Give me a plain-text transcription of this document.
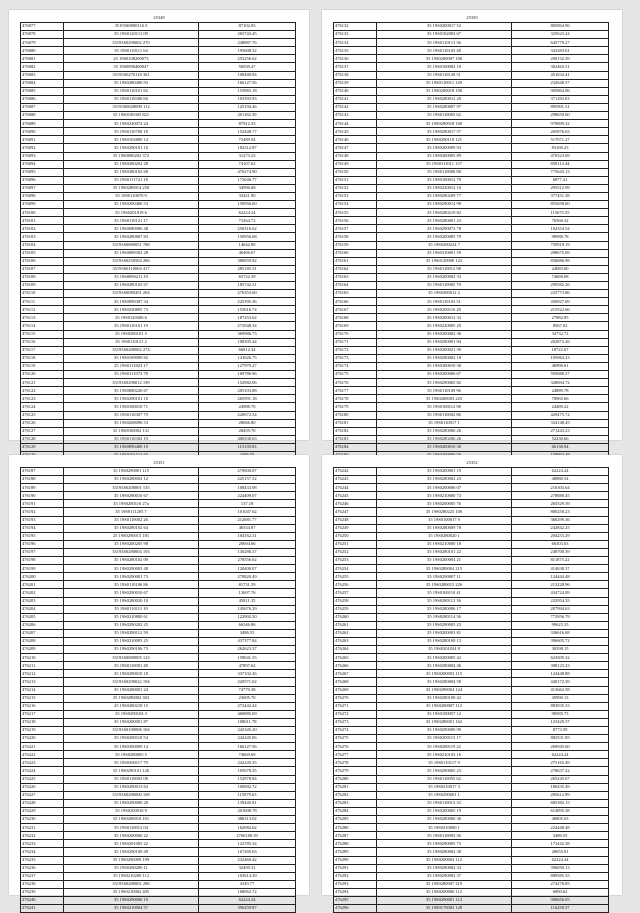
25348
476077	35193S0090116.5	87102.83
476078	35 19S0120111 09	265743.45
476079	35193S0290002 270	248887.76
476080	35 19S0110111 64	195608.32
476081	25 19S0108200073	255256.62
476082	35 19S0090400047	56939.47
476083	35195S0270118 361	108480.84
476084	35 19S0280406 93	166127.56
476085	35 19S0110101 82	153965.18
476086	35 19S0118306 66	103393.93
476087	35193S0028090 112	125194.46
476088	35 19S0100305 821	201182.39
476089	35 19S0240072 24	87912.33
476090	35 19S0110700 18	152448.77
476091	35 19S0102800 14	73489.94
476092	35 19S0290101 10	182312.87
476093	35 19S0090202 372	31273.23
476094	35 19S0280202 28	74107.62
476095	35 19S0280102 68	476274.90
476096	35 19S0111721 18	172046.77
476097	35 19S0280014 250	34996.68
476098	35 19S0110070 9	33421.90
476099	35 19S0200406 53	150956.60
476100	35 19S0201819 6	62224.24
476101	35 19S0110121 17	73264.72
476102	35 19S0080906 48	250316.62
476103	35 19S0280807 83	150956.68
476104	35193S0080051 788	14642.80
476105	35 19S0089302 28	46406.67
476106	35193S0250504 206	380059.82
476107	35193S0110004 417	285185.31
476108	35 19S0090211 19	65722.39
476109	35 19S0280102 67	185742.31
476110	35193S0080201 204	276353.60
476111	35 19S0090307 34	225395.36
476112	35 19S0230805 73	155616.74
476113	35 19S0120306 6	187253.62
476114	35 19S0110101 19	272948.34
476115	35 19S0280101 5	369986.73
476116	35 19S0110121 2	108305.44
476117	35193S0280002 274	66812.34
476118	35 19S0109090 82	141626.75
476119	25 19S0111823 17	127979.27
476120	35 19S0111073 78	169786.96
476121	35193S0290012 199	152982.06
476122	35 19S0080220 67	205103.88
476123	35 19S0290101 10	265991.18
476124	35 19S0100010 71	24988.70
476125	35 19S0110307 79	220672.54
476126	35 19S0208096 53	28066.80
476127	35 19S0100002 131	28459.70
476128	35 19S0110302 19	406338.63
476129	35 19S0090400 19	115139.83

25350
476132	35 19S0200017 52	805864.96
476133	35 19S0102003 67	325623.24
476134	35 19S0110113 36	645779.27
476135	35 19S0110103 48	343383.61
476136	35 19S0200007 100	200132.39
476137	35 19S0100002 10	302463.51
476138	35 19S0110120 51	451634.41
476139	35 19S0110011 149	232648.57
476140	35 19S0200018 100	905864.96
476141	35 19S0280012 29	371183.03
476142	35 19S0280007 97	895901.31
476143	35 19S0110005 62	298650.60
476144	35 19S0290018 100	979899.32
476145	35 19S0280017 57	265876.63
476146	35 19S0290110 121	517071.27
476147	35 19S0200009 93	83160.23
476148	35 19S0300005 89	470323.69
476149	35 19S0111011 137	858112.44
476150	35 19S0110006 88	775643.13
476151	35 19S0100012 79	6877.41
476152	35 19S0220012 10	295512.99
476153	35 19S0280209 77	377451.38
476154	35 19S0290014 98	855658.60
476155	35 19S0280219 82	115675.55
476156	35 19S0280001 23	76566.32
476157	35 19S0290073 78	102354.54
476158	35 19S0200085 79	98988.78
476159	35 19S0200224 7	759918.19
476160	35 19S0310001 59	208675.69
476161	35 19S0120000 123	836686.98
476162	35 19S0110012 98	24083.60
476163	35 19S0200002 33	74669.08
476164	35 19S0110005 70	299582.26
476165	35 19S0300012 2	225773.86
476166	35 19S0110103 51	456927.69
476167	35 19S0200110 29	215522.66
476168	35 19S0200012 33	27882.85
476169	35 19S0220005 29	8567.02
476170	35 19S0200002 36	34732.72
476171	35 19S0280001 84	202872.26
476172	35 19S0200021 39	18722.67
476173	35 19S0280002 18	105964.23
476174	35 19S0300010 30	46990.61
476175	35 19S0200006 67	595680.37
476176	35 19S0290005 82	328694.72
476177	35 19S0110109 96	24889.78
476178	35 19S0200003 225	78965.66
476179	35 19S0100112 98	24489.22
476180	35 19S0110002 86	429475.72
476181	35 19S0110017 1	334148.45
476182	35 19S0280006 26	271443.23
476183	35 19S0280206 26	52230.66
476184	35 19S0200010 30	66138.94

25351
476187	35 19S0290001 115	279000.07
476188	35 19S0280002 12	225157.52
476189	35193S0200001 135	108433.98
476190	35 19S0290010 67	224409.07
476191	35 19S0280116 27a	137.18
476192	35 19S0111205 7	101047.62
476193	35 19S0110002 26	212681.77
476194	35 19S0280102 64	46534.87
476195	25 19S0290015 181	104162.31
476196	35 19S0200205 98	20694.66
476197	35193S0280004 193	130286.37
476198	35 19S0280102 09	278556.62
476199	35 19S0290005 48	120400.07
476200	35 19S0290001 73	270820.49
476201	35 19S0110106 86	81731.59
476202	35 19S0290010 67	12697.76
476203	35 19S0280020 10	45811.35
476204	35 19S0110111 10	145676.29
476205	35 19S0210800 61	122902.50
476206	35 19S0290202 25	66346.86
476207	35 19S0280112 59	3486.55
476208	35 19S0210003 25	437377.84
476209	35 19S0290106 73	262623.37
476210	35193S0080005 123	158041.35
476211	35 19S0110001 48	47897.62
476212	35 19S0290010 18	337102.26
476213	35193S0290022 194	220571.02
476214	35 19S0280001 24	74779.38
476215	35 19S0280002 303	23695.70
476216	25 19S0280218 15	272442.44
476217	35 19S0290104 3	460885.69
476218	35 19S0200001 87	108611.78
476219	35193S0100006 104	242345.20
476220	35 19S0280110 54	242245.06
476221	35 19S0300009 14	166127.56
476222	35 19S0280005 5	74669.69
476223	35 19S0300117 79	242245.35
476224	35 19S0290101 126	105678.35
476225	35 19S0110003 08	152978.84
476226	35 19S0290013 63	100002.72
476227	35193S0280000 168	115979.63
476228	35 19S0290000 20	139445.81
476229	35 19S0200010 9	201608.78
476230	35 19S0200010 101	386313.02
476231	35 19S0110012 04	162082.62
476232	35 19S0200006 22	2766180.39
476233	35 19S0201005 22	122785.34
476234	35 19S0290100 49	167269.63
476235	35 19S0290009 199	232460.42
476236	35 19S0280200 11	32495.31
476237	35 19S0210200 112	103614.29
476238	35193S0280001 286	4349.77
476239	35 19S0210002 405	168062.72
476240	35 19S0290000 19	62224.24
476241	35 19S0210004 57	396259.87
25352
476242	35 19S0200001 19	62224.24
476243	35 19S0280002 23	48880.54
476244	35 19S0200006 07	216303.64
476245	35 19S0210000 73	278880.45
476246	35 19S0200005 76	265529.39
476247	35 19S0280225 100	800250.23
476248	35 19S0100017 9	360299.36
476249	35 19S0280009 78	242842.25
476250	35 19S0280020 1	204253.29
476251	35 19S0210000 18	66303.63
476252	35 19S0280101 22	248700.39
476253	35 19S0200004 21	811875.22
476254	35 19S0280004 215	414638.37
476255	35 19S0290007 11	124444.48
476256	35 19S0280015 226	213228.96
476257	35 19S0100110 41	434724.09
476258	35 19S0280112 36	222954.35
476259	35 19S0280006 17	207994.63
476260	35 19S0280114 36	772956.79
476261	35 19S0290005 23	99623.35
476262	35 19S0200003 81	336616.68
476263	35 19S0280100 13	396605.72
476264	35 19S0201024 8	30398.15
476265	35 19S0200005 42	624305.32
476266	35 19S0280004 46	398123.23
476267	35 19S0200003 115	124448.88
476268	35 19S0280004 58	440172.39
476269	35 19S0290004 124	413662.58
476270	35 19S0280100 42	45990.13
476271	35 19S0280007 112	883935.33
476272	35 19S0100057 12	98585.73
476273	35 19S0280001 162	123429.37
476274	35 19S0290000 99	8773.59
476275	35 19S0200115 17	882531.85
476276	35 19S0280119 22	269945.60
476277	35 19S0210103 16	62224.24
476278	35 19S0110117 9	275165.49
476279	35 19S0290005 23	276637.22
476280	35 19S0110055 62	265245.67
476281	35 19S0210017 3	186435.49
476282	35 19S0290001 1	205612.89
476283	35 19S0110013 33	685382.15
476284	35 19S0200005 19	614895.38
476285	35 19S0280006 36	46805.63
476286	35 19S0210000 1	224448.48
476287	35 19S0110003 36	3486.55
476288	35 19S0290005 73	173442.38
476289	35 19S0280002 38	28655.01
476290	35 19S0200002 112	62224.24
476291	35 19S0280002 33	396050.13
476292	35 19S0290003 37	889585.35
476293	35 19S0280007 219	274278.85
476294	35 19S0200006 112	6000.62
476295	35 19S0290001 114	396656.05
476296	35 19S0170002 128	116258.37
